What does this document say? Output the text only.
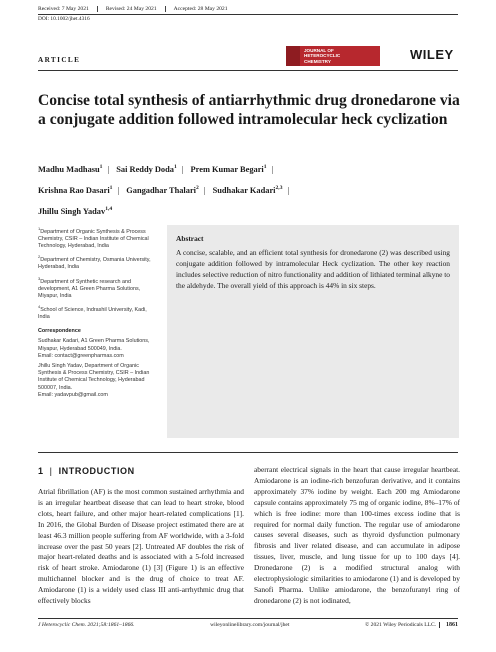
Received: 7 May 2021	Revised: 24 May 2021	Accepted: 28 May 2021
DOI: 10.1002/jhet.4316
ARTICLE
JOURNAL OF
HETEROCYCLIC
CHEMISTRY	WILEY
Concise total synthesis of antiarrhythmic drug dronedarone via a conjugate addition followed intramolecular heck cyclization
Madhu Madhasu$^1$ | Sai Reddy Doda$^1$ | Prem Kumar Begari$^1$ |
Krishna Rao Dasari$^1$ | Gangadhar Thalari$^2$ | Sudhakar Kadari$^{2,3}$ |
Jhillu Singh Yadav$^{1,4}$

$^1$Department of Organic Synthesis & Process Chemistry, CSIR – Indian Institute of Chemical Technology, Hyderabad, India

$^2$Department of Chemistry, Osmania University, Hyderabad, India

$^3$Department of Synthetic research and development, A1 Green Pharma Solutions, Miyapur, India

$^4$School of Science, Indrashil University, Kadi, India

Correspondence

Sudhakar Kadari, A1 Green Pharma Solutions, Miyapur, Hyderabad 500049, India.

Email: contact@greenpharmas.com

Jhillu Singh Yadav, Department of Organic Synthesis & Process Chemistry, CSIR – Indian Institute of Chemical Technology, Hyderabad 500007, India.

Email: yadavpub@gmail.com

Abstract

A concise, scalable, and an efficient total synthesis for dronedarone (2) was described using conjugate addition followed by intramolecular Heck cyclization. The other key reaction includes selective reduction of nitro functionality and addition of lithiated terminal alkyne to the aldehyde. The overall yield of this approach is 44% in six steps.

1 | INTRODUCTION

Atrial fibrillation (AF) is the most common sustained arrhythmia and is an irregular heartbeat disease that can lead to heart stroke, blood clots, heart failure, and other major heart-related complications [1]. In 2016, the Global Burden of Disease project estimated there are at least 46.3 million people suffering from AF worldwide, with a 3-fold increase over the past 50 years [2]. Untreated AF doubles the risk of major heart-related deaths and is associated with a 5-fold increased risk of heart stroke. Amiodarone (1) [3] (Figure 1) is an effective multichannel blocker and is the drug of choice to treat AF. Amiodarone (1) is a widely used class III anti-arrhythmic drug that effectively blocks

aberrant electrical signals in the heart that cause irregular heartbeat. Amiodarone is an iodine-rich benzofuran derivative, and it contains approximately 37% iodine by weight. Each 200 mg Amiodarone capsule contains approximately 75 mg of organic iodine, 8%–17% of which is free iodine: more than 100-times excess iodine that is required for normal daily function. The regular use of amiodarone causes several diseases, such as thyroid dysfunction pulmonary fibrosis and liver related disease, and can accumulate in adipose tissues, liver, muscle, and lung tissue for up to 100 days [4]. Dronedarone (2) is a modified structural analog with electrophysiologic similarities to amiodarone (1) and is developed by Sanofi Pharma. Unlike amiodarone, the benzofuranyl ring of dronedarone (2) is not iodinated,

J Heterocyclic Chem. 2021;58:1861–1866.	wileyonlinelibrary.com/journal/jhet	© 2021 Wiley Periodicals LLC. 1861
